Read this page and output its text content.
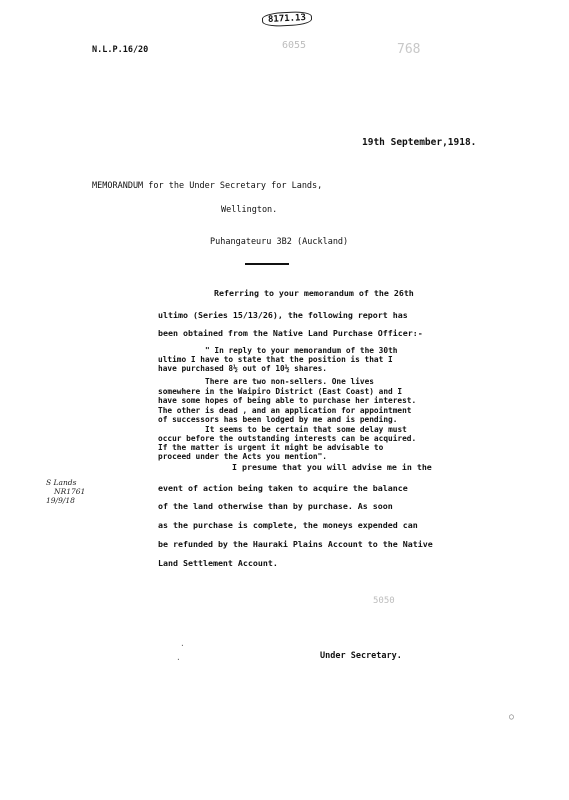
N.L.P.16/20
8171.13
6055	768
19th September,1918.
MEMORANDUM for the Under Secretary for Lands,
Wellington.
Puhangateuru 3B2 (Auckland)
Referring to your memorandum of the 26th
ultimo (Series 15/13/26), the following report has
been obtained from the Native Land Purchase Officer:-
" In reply to your memorandum of the 30th
ultimo I have to state that the position is that I
have purchased 8½ out of 10½ shares.
There are two non-sellers. One lives
somewhere in the Waipiro District (East Coast) and I
have some hopes of being able to purchase her interest.
The other is dead , and an application for appointment
of successors has been lodged by me and is pending.
It seems to be certain that some delay must
occur before the outstanding interests can be acquired.
If the matter is urgent it might be advisable to
proceed under the Acts you mention".
I presume that you will advise me in the
event of action being taken to acquire the balance
of the land otherwise than by purchase. As soon
as the purchase is complete, the moneys expended can
be refunded by the Hauraki Plains Account to the Native
Land Settlement Account.
S Lands
NR1761
19/9/18
5050
Under Secretary.
·
·
○
